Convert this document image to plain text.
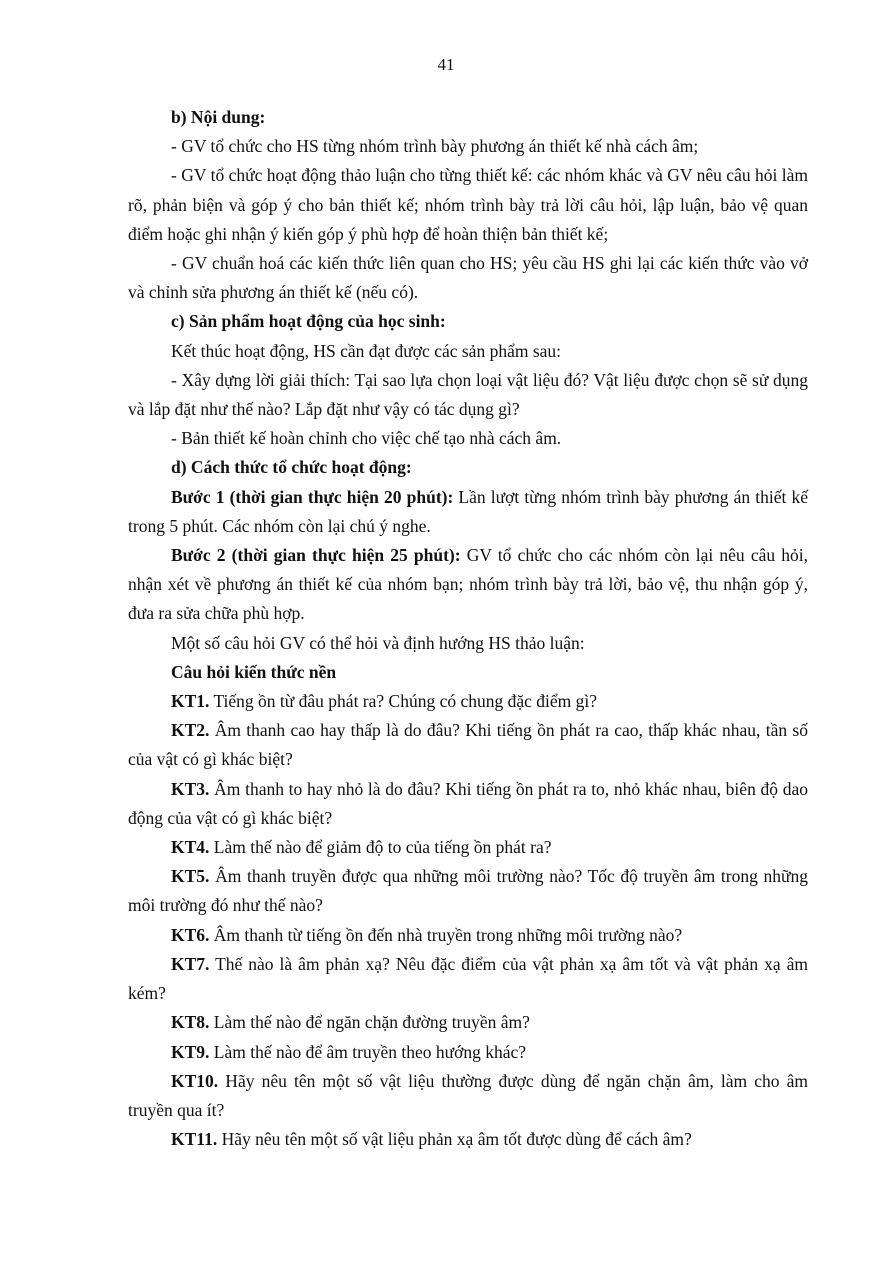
41

b) Nội dung:

- GV tổ chức cho HS từng nhóm trình bày phương án thiết kế nhà cách âm;

- GV tổ chức hoạt động thảo luận cho từng thiết kế: các nhóm khác và GV nêu câu hỏi làm rõ, phản biện và góp ý cho bản thiết kế; nhóm trình bày trả lời câu hỏi, lập luận, bảo vệ quan điểm hoặc ghi nhận ý kiến góp ý phù hợp để hoàn thiện bản thiết kế;

- GV chuẩn hoá các kiến thức liên quan cho HS; yêu cầu HS ghi lại các kiến thức vào vở và chỉnh sửa phương án thiết kế (nếu có).

c) Sản phẩm hoạt động của học sinh:

Kết thúc hoạt động, HS cần đạt được các sản phẩm sau:

- Xây dựng lời giải thích: Tại sao lựa chọn loại vật liệu đó? Vật liệu được chọn sẽ sử dụng và lắp đặt như thế nào? Lắp đặt như vậy có tác dụng gì?

- Bản thiết kế hoàn chỉnh cho việc chế tạo nhà cách âm.

d) Cách thức tổ chức hoạt động:

Bước 1 (thời gian thực hiện 20 phút): Lần lượt từng nhóm trình bày phương án thiết kế trong 5 phút. Các nhóm còn lại chú ý nghe.

Bước 2 (thời gian thực hiện 25 phút): GV tổ chức cho các nhóm còn lại nêu câu hỏi, nhận xét về phương án thiết kế của nhóm bạn; nhóm trình bày trả lời, bảo vệ, thu nhận góp ý, đưa ra sửa chữa phù hợp.

Một số câu hỏi GV có thể hỏi và định hướng HS thảo luận:

Câu hỏi kiến thức nền

KT1. Tiếng ồn từ đâu phát ra? Chúng có chung đặc điểm gì?

KT2. Âm thanh cao hay thấp là do đâu? Khi tiếng ồn phát ra cao, thấp khác nhau, tần số của vật có gì khác biệt?

KT3. Âm thanh to hay nhỏ là do đâu? Khi tiếng ồn phát ra to, nhỏ khác nhau, biên độ dao động của vật có gì khác biệt?

KT4. Làm thế nào để giảm độ to của tiếng ồn phát ra?

KT5. Âm thanh truyền được qua những môi trường nào? Tốc độ truyền âm trong những môi trường đó như thế nào?

KT6. Âm thanh từ tiếng ồn đến nhà truyền trong những môi trường nào?

KT7. Thế nào là âm phản xạ? Nêu đặc điểm của vật phản xạ âm tốt và vật phản xạ âm kém?

KT8. Làm thế nào để ngăn chặn đường truyền âm?

KT9. Làm thế nào để âm truyền theo hướng khác?

KT10. Hãy nêu tên một số vật liệu thường được dùng để ngăn chặn âm, làm cho âm truyền qua ít?

KT11. Hãy nêu tên một số vật liệu phản xạ âm tốt được dùng để cách âm?
